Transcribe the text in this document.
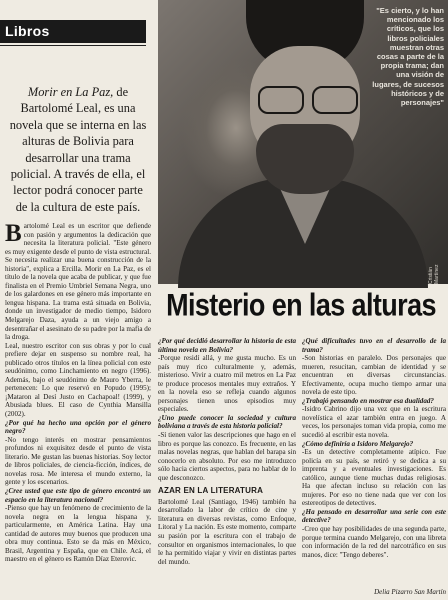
Libros
Morir en La Paz, de Bartolomé Leal, es una novela que se interna en las alturas de Bolivia para desarrollar una trama policial. A través de ella, el lector podrá conocer parte de la cultura de este país.
"Es cierto, y lo han mencionado los críticos, que los libros policiales muestran otras cosas a parte de la propia trama; dan una visión de lugares, de sucesos históricos y de personajes"
Cristián Martínez
Misterio en las alturas

Bartolomé Leal es un escritor que defiende con pasión y argumentos la dedicación que necesita la literatura policial. "Este género es muy exigente desde el punto de vista estructural. Se necesita realizar una buena construcción de la historia", explica a Ercilla. Morir en La Paz, es el título de la novela que acaba de publicar, y que fue finalista en el Premio Umbriel Semana Negra, uno de los galardones en ese género más importante en lengua hispana. La trama está situada en Bolivia, donde un investigador de medio tiempo, Isidoro Melgarejo Daza, ayuda a un viejo amigo a desentrañar el asesinato de su padre por la mafia de la droga.

Leal, nuestro escritor con sus obras y por lo cual prefiere dejar en suspenso su nombre real, ha publicado otros títulos en la línea policial con este seudónimo, como Linchamiento en negro (1996). Además, bajo el seudónimo de Mauro Yberra, le pertenecen: Lo que reservó en Popudo (1995); ¡Mataron al Desí Justo en Cachapoal! (1999), y Abusiada blues. El caso de Cynthia Mansilla (2002).

¿Por qué ha hecho una opción por el género negro?

-No tengo interés en mostrar pensamientos profundos ni exquisitez desde el punto de vista literario. Me gustan las buenas historias. Soy lector de libros policiales, de ciencia-ficción, índices, de novelas rosa. Me interesa el mundo externo, la gente y los escenarios.

¿Cree usted que este tipo de género encontró un espacio en la literatura nacional?

-Pienso que hay un fenómeno de crecimiento de la novela negra en la lengua hispana y, particularmente, en América Latina. Hay una cantidad de autores muy buenos que producen una obra muy continua. Esto se da más en México, Brasil, Argentina y España, que en Chile. Acá, el maestro en el género es Ramón Díaz Eterovic.

¿Por qué decidió desarrollar la historia de esta última novela en Bolivia?

-Porque residí allá, y me gusta mucho. Es un país muy rico culturalmente y, además, misterioso. Vivir a cuatro mil metros en La Paz te produce procesos mentales muy extraños. Y en la novela eso se refleja cuando algunos personajes tienen unos episodios muy especiales.

¿Uno puede conocer la sociedad y cultura boliviana a través de esta historia policial?

-Sí tienen valor las descripciones que hago en el libro es porque las conozco. Es frecuente, en las malas novelas negras, que hablan del barapa sin conocerlo en absoluto. Por eso me introduzco sólo hacia ciertos aspectos, para no hablar de lo que desconozco.

AZAR EN LA LITERATURA

Bartolomé Leal (Santiago, 1946) también ha desarrollado la labor de crítico de cine y literatura en diversas revistas, como Enfoque, Litoral y La nación. Es este momento, comparte su pasión por la escritura con el trabajo de consultor en organismos internacionales, lo que le ha permitido viajar y vivir en distintas partes del mundo.

¿Qué dificultades tuvo en el desarrollo de la trama?

-Son historias en paralelo. Dos personajes que mueren, resucitan, cambian de identidad y se encuentran en diversas circunstancias. Efectivamente, ocupa mucho tiempo armar una novela de este tipo.

¿Trabajó pensando en mostrar esa dualidad?

-Isidro Cabrino dijo una vez que en la escritura novelística el azar también entra en juego. A veces, los personajes toman vida propia, como me sucedió al escribir esta novela.

¿Cómo definiría a Isidoro Melgarejo?

-Es un detective completamente atípico. Fue policía en su país, se retiró y se dedica a su imprenta y a eventuales investigaciones. Es católico, aunque tiene muchas dudas religiosas. Ha que afectan incluso su relación con las mujeres. Por eso no tiene nada que ver con los estereotipos de detectives.

¿Ha pensado en desarrollar una serie con este detective?

-Creo que hay posibilidades de una segunda parte, porque termina cuando Melgarejo, con una libreta con información de la red del narcotráfico en sus manos, dice: "Tengo deberes".

Delia Pizarro San Martín
